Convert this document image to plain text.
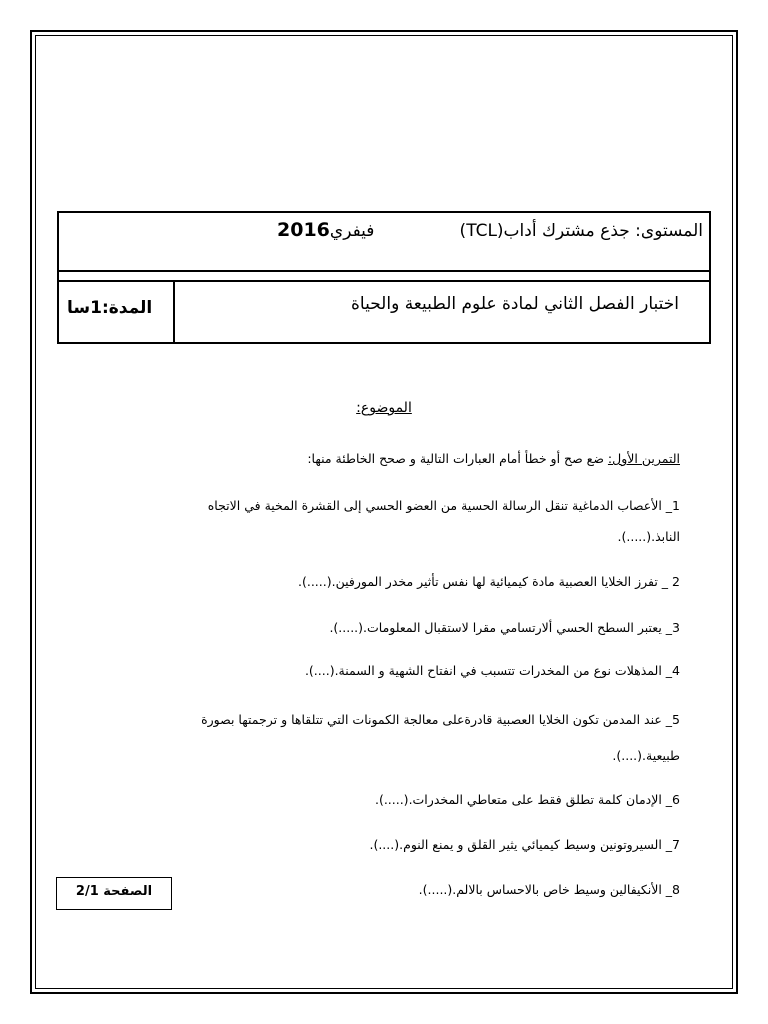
المستوى: جذع مشترك أداب(TCL)
2016فيفري
المدة:1سا	اختبار الفصل الثاني لمادة علوم الطبيعة والحياة
الموضوع:
التمرين الأول: ضع صح أو خطأ أمام العبارات التالية و صحح الخاطئة منها:
1_ الأعصاب الدماغية تنقل الرسالة الحسية من العضو الحسي إلى القشرة المخية في الاتجاه
النابذ.(.....).
2 _ تفرز الخلايا العصبية مادة كيميائية لها نفس تأثير مخدر المورفين.(.....).
3_ يعتبر السطح الحسي ألارتسامي مقرا لاستقبال المعلومات.(.....).
4_ المذهلات نوع من المخدرات تتسبب في انفتاح الشهية و السمنة.(....).
5_ عند المدمن تكون الخلايا العصبية قادرةعلى معالجة الكمونات التي تتلقاها و ترجمتها بصورة
طبيعية.(....).
6_ الإدمان كلمة تطلق فقط على متعاطي المخدرات.(.....).
7_ السيروتونين وسيط كيميائي يثير القلق و يمنع النوم.(....).
8_ الأنكيفالين وسيط خاص بالاحساس بالالم.(.....).
الصفحة 2/1
